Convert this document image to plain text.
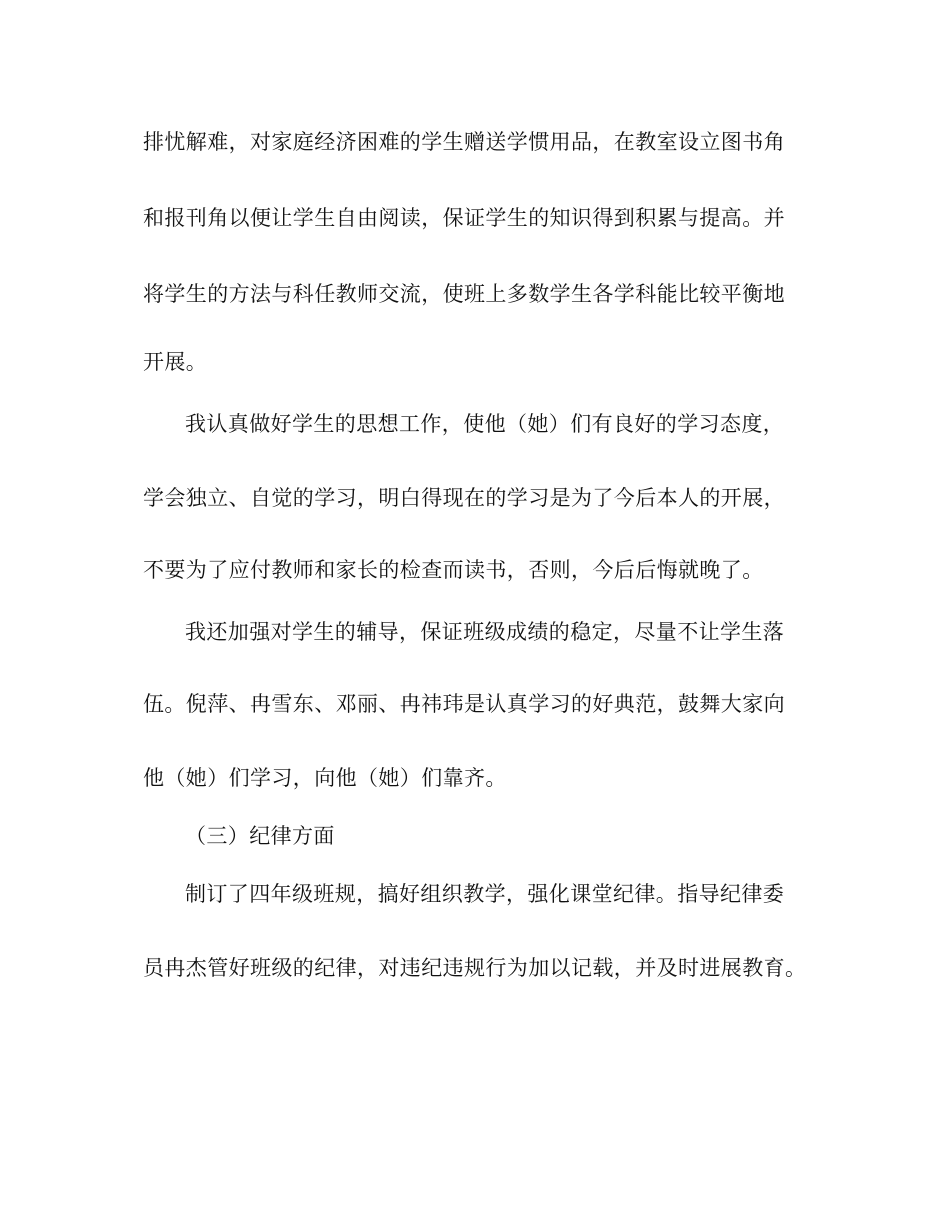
排忧解难，对家庭经济困难的学生赠送学惯用品，在教室设立图书角
和报刊角以便让学生自由阅读，保证学生的知识得到积累与提高。并
将学生的方法与科任教师交流，使班上多数学生各学科能比较平衡地
开展。
我认真做好学生的思想工作，使他（她）们有良好的学习态度，
学会独立、自觉的学习，明白得现在的学习是为了今后本人的开展，
不要为了应付教师和家长的检查而读书，否则，今后后悔就晚了。
我还加强对学生的辅导，保证班级成绩的稳定，尽量不让学生落
伍。倪萍、冉雪东、邓丽、冉祎玮是认真学习的好典范，鼓舞大家向
他（她）们学习，向他（她）们靠齐。
（三）纪律方面
制订了四年级班规，搞好组织教学，强化课堂纪律。指导纪律委
员冉杰管好班级的纪律，对违纪违规行为加以记载，并及时进展教育。
